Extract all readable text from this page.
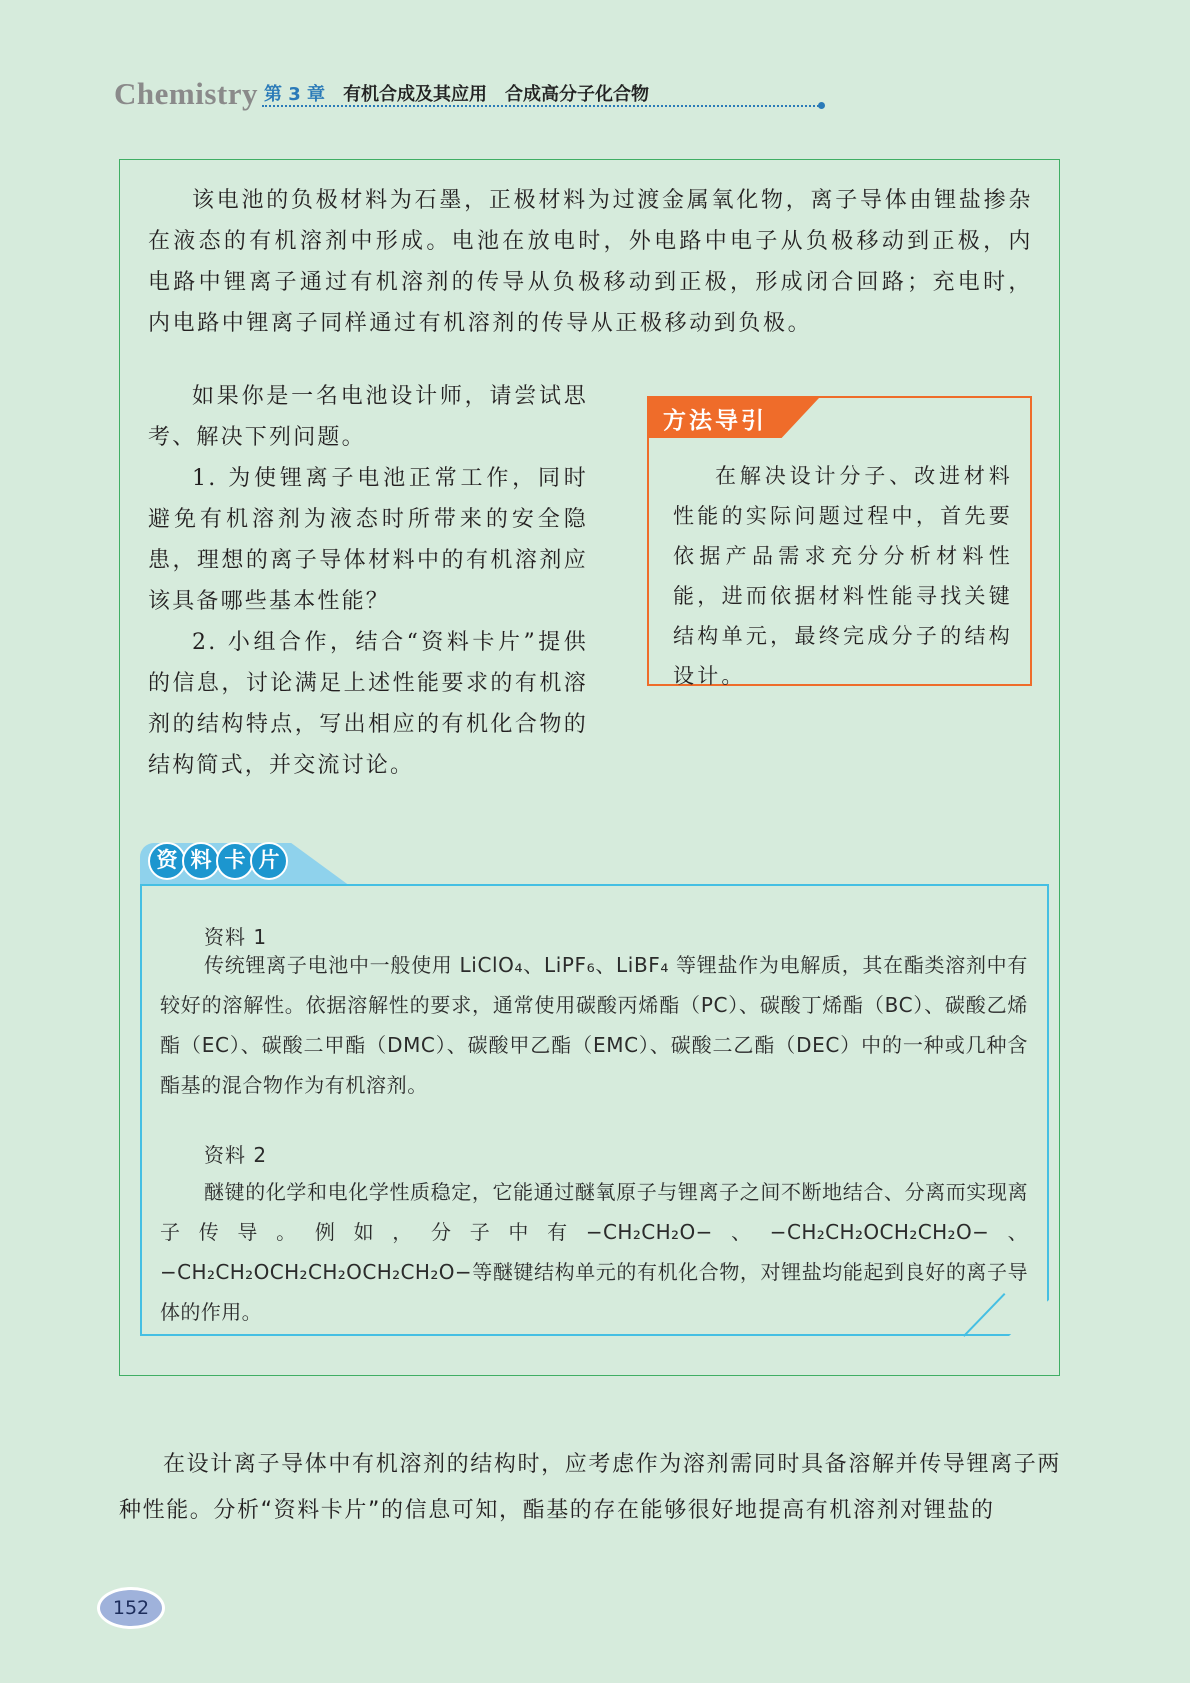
Chemistry 第 3 章 有机合成及其应用　合成高分子化合物

该电池的负极材料为石墨，正极材料为过渡金属氧化物，离子导体由锂盐掺杂在液态的有机溶剂中形成。电池在放电时，外电路中电子从负极移动到正极，内电路中锂离子通过有机溶剂的传导从负极移动到正极，形成闭合回路；充电时，内电路中锂离子同样通过有机溶剂的传导从正极移动到负极。

如果你是一名电池设计师，请尝试思考、解决下列问题。

1. 为使锂离子电池正常工作，同时避免有机溶剂为液态时所带来的安全隐患，理想的离子导体材料中的有机溶剂应该具备哪些基本性能？

2. 小组合作，结合“资料卡片”提供的信息，讨论满足上述性能要求的有机溶剂的结构特点，写出相应的有机化合物的结构简式，并交流讨论。

方法导引

在解决设计分子、改进材料性能的实际问题过程中，首先要依据产品需求充分分析材料性能，进而依据材料性能寻找关键结构单元，最终完成分子的结构设计。

资 料 卡 片
资料 1

传统锂离子电池中一般使用 LiClO₄、LiPF₆、LiBF₄ 等锂盐作为电解质，其在酯类溶剂中有较好的溶解性。依据溶解性的要求，通常使用碳酸丙烯酯（PC）、碳酸丁烯酯（BC）、碳酸乙烯酯（EC）、碳酸二甲酯（DMC）、碳酸甲乙酯（EMC）、碳酸二乙酯（DEC）中的一种或几种含酯基的混合物作为有机溶剂。

资料 2

醚键的化学和电化学性质稳定，它能通过醚氧原子与锂离子之间不断地结合、分离而实现离子传导。例如，分子中有−CH₂CH₂O−、−CH₂CH₂OCH₂CH₂O−、−CH₂CH₂OCH₂CH₂OCH₂CH₂O−等醚键结构单元的有机化合物，对锂盐均能起到良好的离子导体的作用。

在设计离子导体中有机溶剂的结构时，应考虑作为溶剂需同时具备溶解并传导锂离子两种性能。分析“资料卡片”的信息可知，酯基的存在能够很好地提高有机溶剂对锂盐的

152
